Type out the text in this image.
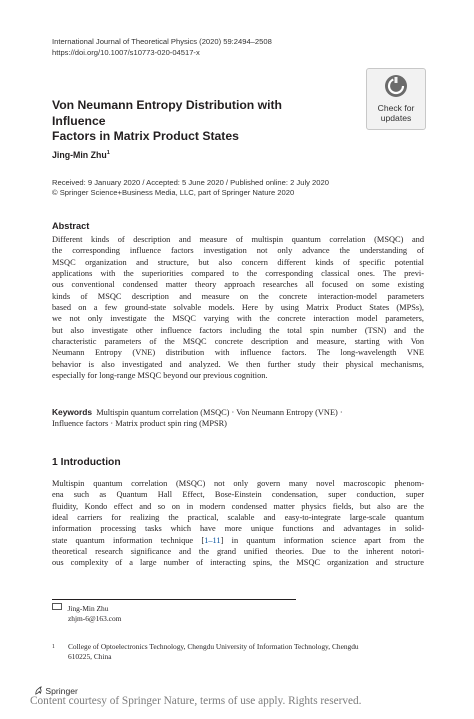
International Journal of Theoretical Physics (2020) 59:2494–2508
https://doi.org/10.1007/s10773-020-04517-x
Check for
updates
Von Neumann Entropy Distribution with Influence
Factors in Matrix Product States
Jing-Min Zhu$^1$
Received: 9 January 2020 / Accepted: 5 June 2020 / Published online: 2 July 2020
© Springer Science+Business Media, LLC, part of Springer Nature 2020
Abstract
Different kinds of description and measure of multispin quantum correlation (MSQC) and
the corresponding influence factors investigation not only advance the understanding of
MSQC organization and structure, but also concern different kinds of specific potential
applications with the superiorities compared to the corresponding classical ones. The previ-
ous conventional condensed matter theory approach researches all focused on some existing
kinds of MSQC description and measure on the concrete interaction-model parameters
based on a few ground-state solvable models. Here by using Matrix Product States (MPSs),
we not only investigate the MSQC varying with the concrete interaction model parameters,
but also investigate other influence factors including the total spin number (TSN) and the
characteristic parameters of the MSQC concrete description and measure, starting with Von
Neumann Entropy (VNE) distribution with influence factors. The long-wavelength VNE
behavior is also investigated and analyzed. We then further study their physical mechanisms,
especially for long-range MSQC beyond our previous cognition.
Keywords Multispin quantum correlation (MSQC) · Von Neumann Entropy (VNE) ·
Influence factors · Matrix product spin ring (MPSR)
1 Introduction
Multispin quantum correlation (MSQC) not only govern many novel macroscopic phenom-
ena such as Quantum Hall Effect, Bose-Einstein condensation, super conduction, super
fluidity, Kondo effect and so on in modern condensed matter physics fields, but also are the
ideal carriers for realizing the practical, scalable and easy-to-integrate large-scale quantum
information processing tasks which have more unique functions and advantages in solid-
state quantum information technique [1–11] in quantum information science apart from the
theoretical research significance and the grand unified theories. Due to the inherent notori-
ous complexity of a large number of interacting spins, the MSQC organization and structure
Jing-Min Zhu
zhjm-6@163.com
1	College of Optoelectronics Technology, Chengdu University of Information Technology, Chengdu
610225, China
Springer
Content courtesy of Springer Nature, terms of use apply. Rights reserved.
